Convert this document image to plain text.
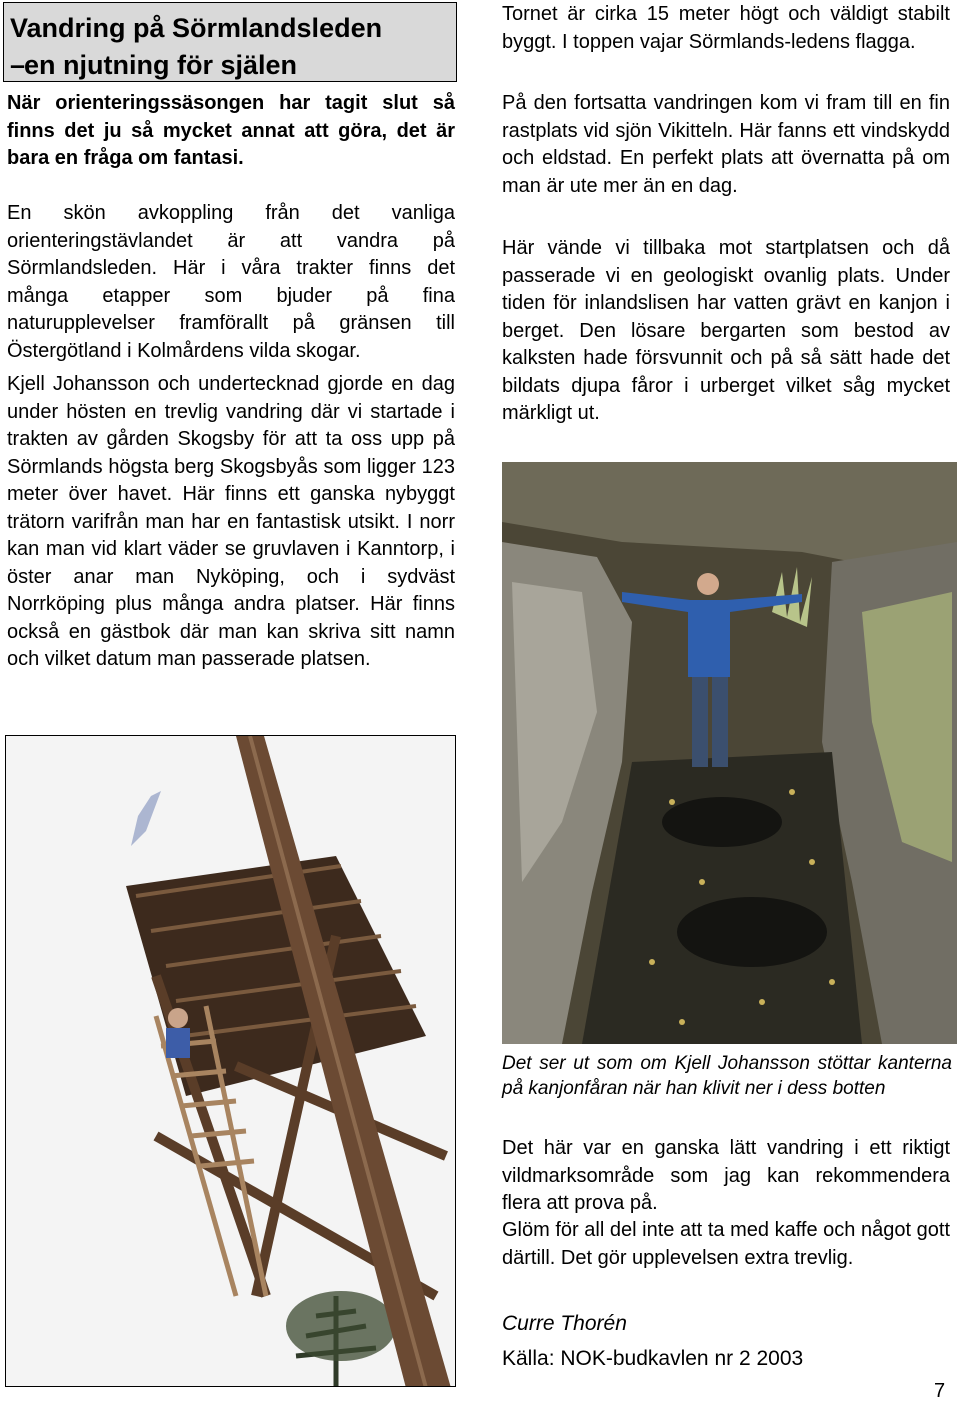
Vandring på Sörmlandsleden
–en njutning för själen

När orienteringssäsongen har tagit slut så finns det ju så mycket annat att göra, det är bara en fråga om fantasi.

En skön avkoppling från det vanliga orienteringstävlandet är att vandra på Sörmlandsleden. Här i våra trakter finns det många etapper som bjuder på fina naturupplevelser framförallt på gränsen till Östergötland i Kolmårdens vilda skogar.

Kjell Johansson och undertecknad gjorde en dag under hösten en trevlig vandring där vi startade i trakten av gården Skogsby för att ta oss upp på Sörmlands högsta berg Skogsbyås som ligger 123 meter över havet. Här finns ett ganska nybyggt trätorn varifrån man har en fantastisk utsikt. I norr kan man vid klart väder se gruvlaven i Kanntorp, i öster anar man Nyköping, och i sydväst Norrköping plus många andra platser. Här finns också en gästbok där man kan skriva sitt namn och vilket datum man passerade platsen.

Tornet är cirka 15 meter högt och väldigt stabilt byggt. I toppen vajar Sörmlands-ledens flagga.

På den fortsatta vandringen kom vi fram till en fin rastplats vid sjön Vikitteln. Här fanns ett vindskydd och eldstad. En perfekt plats att övernatta på om man är ute mer än en dag.

Här vände vi tillbaka mot startplatsen och då passerade vi en geologiskt ovanlig plats. Under tiden för inlandslisen har vatten grävt en kanjon i berget. Den lösare bergarten som bestod av kalksten hade försvunnit och på så sätt hade det bildats djupa fåror i urberget vilket såg mycket märkligt ut.

Det ser ut som om Kjell Johansson stöttar kanterna på kanjonfåran när han klivit ner i dess botten

Det här var en ganska lätt vandring i ett riktigt vildmarksområde som jag kan rekommendera flera att prova på.

Glöm för all del inte att ta med kaffe och något gott därtill. Det gör upplevelsen extra trevlig.

Curre Thorén
Källa: NOK-budkavlen nr 2 2003
7
